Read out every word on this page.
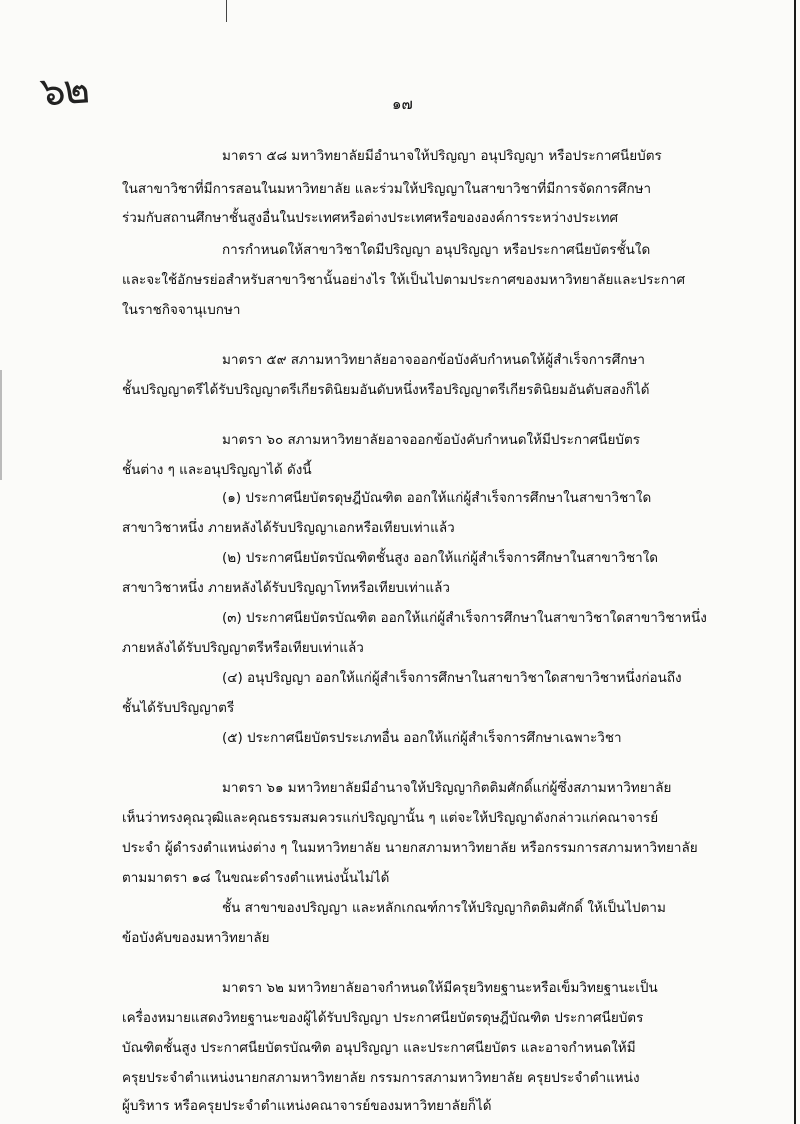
๖๒	๑๗
มาตรา ๕๘ มหาวิทยาลัยมีอำนาจให้ปริญญา อนุปริญญา หรือประกาศนียบัตร
ในสาขาวิชาที่มีการสอนในมหาวิทยาลัย และร่วมให้ปริญญาในสาขาวิชาที่มีการจัดการศึกษา
ร่วมกับสถานศึกษาชั้นสูงอื่นในประเทศหรือต่างประเทศหรือขององค์การระหว่างประเทศ
การกำหนดให้สาขาวิชาใดมีปริญญา อนุปริญญา หรือประกาศนียบัตรชั้นใด
และจะใช้อักษรย่อสำหรับสาขาวิชานั้นอย่างไร ให้เป็นไปตามประกาศของมหาวิทยาลัยและประกาศ
ในราชกิจจานุเบกษา
มาตรา ๕๙ สภามหาวิทยาลัยอาจออกข้อบังคับกำหนดให้ผู้สำเร็จการศึกษา
ชั้นปริญญาตรีได้รับปริญญาตรีเกียรตินิยมอันดับหนึ่งหรือปริญญาตรีเกียรตินิยมอันดับสองก็ได้
มาตรา ๖๐ สภามหาวิทยาลัยอาจออกข้อบังคับกำหนดให้มีประกาศนียบัตร
ชั้นต่าง ๆ และอนุปริญญาได้ ดังนี้
(๑) ประกาศนียบัตรดุษฎีบัณฑิต ออกให้แก่ผู้สำเร็จการศึกษาในสาขาวิชาใด
สาขาวิชาหนึ่ง ภายหลังได้รับปริญญาเอกหรือเทียบเท่าแล้ว
(๒) ประกาศนียบัตรบัณฑิตชั้นสูง ออกให้แก่ผู้สำเร็จการศึกษาในสาขาวิชาใด
สาขาวิชาหนึ่ง ภายหลังได้รับปริญญาโทหรือเทียบเท่าแล้ว
(๓) ประกาศนียบัตรบัณฑิต ออกให้แก่ผู้สำเร็จการศึกษาในสาขาวิชาใดสาขาวิชาหนึ่ง
ภายหลังได้รับปริญญาตรีหรือเทียบเท่าแล้ว
(๔) อนุปริญญา ออกให้แก่ผู้สำเร็จการศึกษาในสาขาวิชาใดสาขาวิชาหนึ่งก่อนถึง
ชั้นได้รับปริญญาตรี
(๕) ประกาศนียบัตรประเภทอื่น ออกให้แก่ผู้สำเร็จการศึกษาเฉพาะวิชา
มาตรา ๖๑ มหาวิทยาลัยมีอำนาจให้ปริญญากิตติมศักดิ์แก่ผู้ซึ่งสภามหาวิทยาลัย
เห็นว่าทรงคุณวุฒิและคุณธรรมสมควรแก่ปริญญานั้น ๆ แต่จะให้ปริญญาดังกล่าวแก่คณาจารย์
ประจำ ผู้ดำรงตำแหน่งต่าง ๆ ในมหาวิทยาลัย นายกสภามหาวิทยาลัย หรือกรรมการสภามหาวิทยาลัย
ตามมาตรา ๑๘ ในขณะดำรงตำแหน่งนั้นไม่ได้
ชั้น สาขาของปริญญา และหลักเกณฑ์การให้ปริญญากิตติมศักดิ์ ให้เป็นไปตาม
ข้อบังคับของมหาวิทยาลัย
มาตรา ๖๒ มหาวิทยาลัยอาจกำหนดให้มีครุยวิทยฐานะหรือเข็มวิทยฐานะเป็น
เครื่องหมายแสดงวิทยฐานะของผู้ได้รับปริญญา ประกาศนียบัตรดุษฎีบัณฑิต ประกาศนียบัตร
บัณฑิตชั้นสูง ประกาศนียบัตรบัณฑิต อนุปริญญา และประกาศนียบัตร และอาจกำหนดให้มี
ครุยประจำตำแหน่งนายกสภามหาวิทยาลัย กรรมการสภามหาวิทยาลัย ครุยประจำตำแหน่ง
ผู้บริหาร หรือครุยประจำตำแหน่งคณาจารย์ของมหาวิทยาลัยก็ได้
